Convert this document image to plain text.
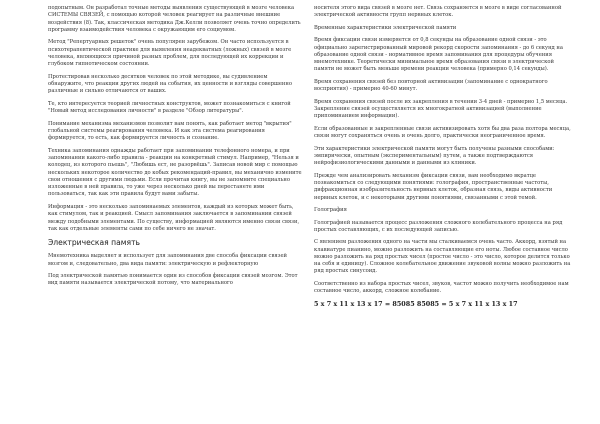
подопытным. Он разработал точные методы выявления существующей в мозге человека СИСТЕМЫ СВЯЗЕЙ, с помощью которой человек реагирует на различные внешние воздействия (8). Так, классическая методика Дж.Келли позволяет очень точно определить программу взаимодействия человека с окружающим его социумом.

Метод "Репертуарных решеток" очень популярен зарубежом. Он часто используется в психотерапевтической практике для выявления неадекватных (ложных) связей в мозге человека, являющихся причиной разных проблем, для последующей их коррекции и глубоком гипнотическом состоянии.

Протестировав несколько десятков человек по этой методике, вы судивлением обнаружите, что реакции других людей на события, их ценности и взгляды совершенно различные и сильно отличаются от ваших.

Те, кто интересуется теорией личностных конструктов, может познакомиться с книгой "Новый метод исследования личности" в разделе "Обзор литературы".

Понимание механизма механизмов позволит вам понять, как работает метод "вкрытия" глобальной системы реагирования человека. И как эта система реагирования формируется, то есть, как формируется личность и сознание.

Техника запоминания однажды работает при запоминании телефонного номера, и при запоминании какого-либо правила - реакции на конкретный стимул. Например, "Нельзя и колодец, из которого пьешь", "Любишь ест, не разорвёшь". Записав новой мир с помощью нескольких некоторое количество до кобых рекомендаций-правил, вы механично измените свои отношения с другими людьми. Если прочитав книгу, вы не запомните специально изложенные в ней правила, то уже через несколько дней вы перестанете ими пользоваться, так как эти правила будут вами забыты.

Информация - это несколько запоминаемых элементов, каждый из которых может быть, как стимулом, так и реакцией. Смысл запоминания заключается в запоминании связей между подобными элементами. По существу, информацией являются именно связи связи, так как отдельные элементы сами по себе ничего не значат.

Электрическая память

Мнемотехника выделяет и использует для запоминания две способа фиксации связей мозгом и, следовательно, два вида памяти: электрическую и рефлекторную

Под электрической памятью понимается один из способов фиксации связей мозгом. Этот вид памяти называется электрической потому, что материального

носителя этого вида связей в мозге нет. Связь сохраняется в мозге в виде согласованной электрической активности групп нервных клеток.

Временные характеристики электрической памяти

Время фиксации связи измеряется от 0,8 секунды на образование одной связи - это официально зарегистрированный мировой рекорд скорости запоминания - до 6 секунд на образование одной связи - нормативное время запоминания для процедуры обучения мнемотехнике. Теоретически минимальное время образования связи в электрической памяти не может быть меньше времени реакции человека (примерно 0,14 секунды).

Время сохранения связей без повторной активизации (запоминание с однократного восприятия) - примерно 40-60 минут.

Время сохранения связей после их закрепления в течении 3-4 дней - примерно 1,5 месяца. Закрепление связей осуществляется их многократной активизацией (выполнение припоминанием информации).

Если образованные и закрепленные связи активизировать хотя бы два раза полтора месяца, связи могут сохраняться очень и очень долго, практически неограниченное время.

Эти характеристики электрической памяти могут быть получены разными способами: эмпирически, опытным (экспериментальным) путем, а также подтверждаются нейрофизиологическими данными и данными из клиники.

Прежде чем анализировать механизм фиксации связи, вам необходимо вкратце познакомиться со следующими понятиями: голография, пространственные частоты, дифракционная изобразительность нервных клеток, образная связь, виды активности нервных клеток, и с некоторыми другими понятиями, связанными с этой темой.

Голография

Голографией называется процесс разложения сложного колебательного процесса на ряд простых составляющих, с их последующей записью.

С явлением разложения одного на части мы сталкиваемся очень часто. Аккорд, взятый на клавиатуре пианино, можно разложить на составляющие его ноты. Любое составное число можно разложить на ряд простых чисел (простое число - это число, которое делится только на себя и единицу). Сложное колебательное движение звуковой волны можно разложить на ряд простых синусоид.

Соответственно из набора простых чисел, звуков, частот можно получить необходимое нам составное число, аккорд, сложное колебание.

5 x 7 x 11 x 13 x 17 = 85085 85085 = 5 x 7 x 11 x 13 x 17
